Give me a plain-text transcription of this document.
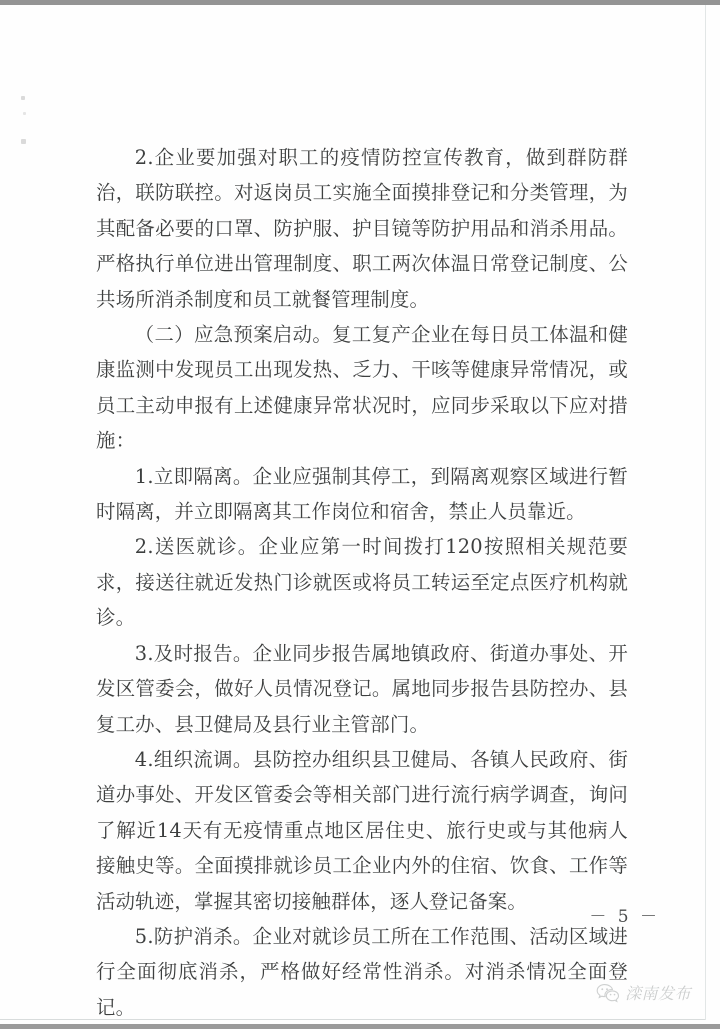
2.企业要加强对职工的疫情防控宣传教育，做到群防群治，联防联控。对返岗员工实施全面摸排登记和分类管理，为其配备必要的口罩、防护服、护目镜等防护用品和消杀用品。严格执行单位进出管理制度、职工两次体温日常登记制度、公共场所消杀制度和员工就餐管理制度。

（二）应急预案启动。复工复产企业在每日员工体温和健康监测中发现员工出现发热、乏力、干咳等健康异常情况，或员工主动申报有上述健康异常状况时，应同步采取以下应对措施：

1.立即隔离。企业应强制其停工，到隔离观察区域进行暂时隔离，并立即隔离其工作岗位和宿舍，禁止人员靠近。

2.送医就诊。企业应第一时间拨打120按照相关规范要求，接送往就近发热门诊就医或将员工转运至定点医疗机构就诊。

3.及时报告。企业同步报告属地镇政府、街道办事处、开发区管委会，做好人员情况登记。属地同步报告县防控办、县复工办、县卫健局及县行业主管部门。

4.组织流调。县防控办组织县卫健局、各镇人民政府、街道办事处、开发区管委会等相关部门进行流行病学调查，询问了解近14天有无疫情重点地区居住史、旅行史或与其他病人接触史等。全面摸排就诊员工企业内外的住宿、饮食、工作等活动轨迹，掌握其密切接触群体，逐人登记备案。

5.防护消杀。企业对就诊员工所在工作范围、活动区域进行全面彻底消杀，严格做好经常性消杀。对消杀情况全面登记。

－ 5 －
滦南发布
